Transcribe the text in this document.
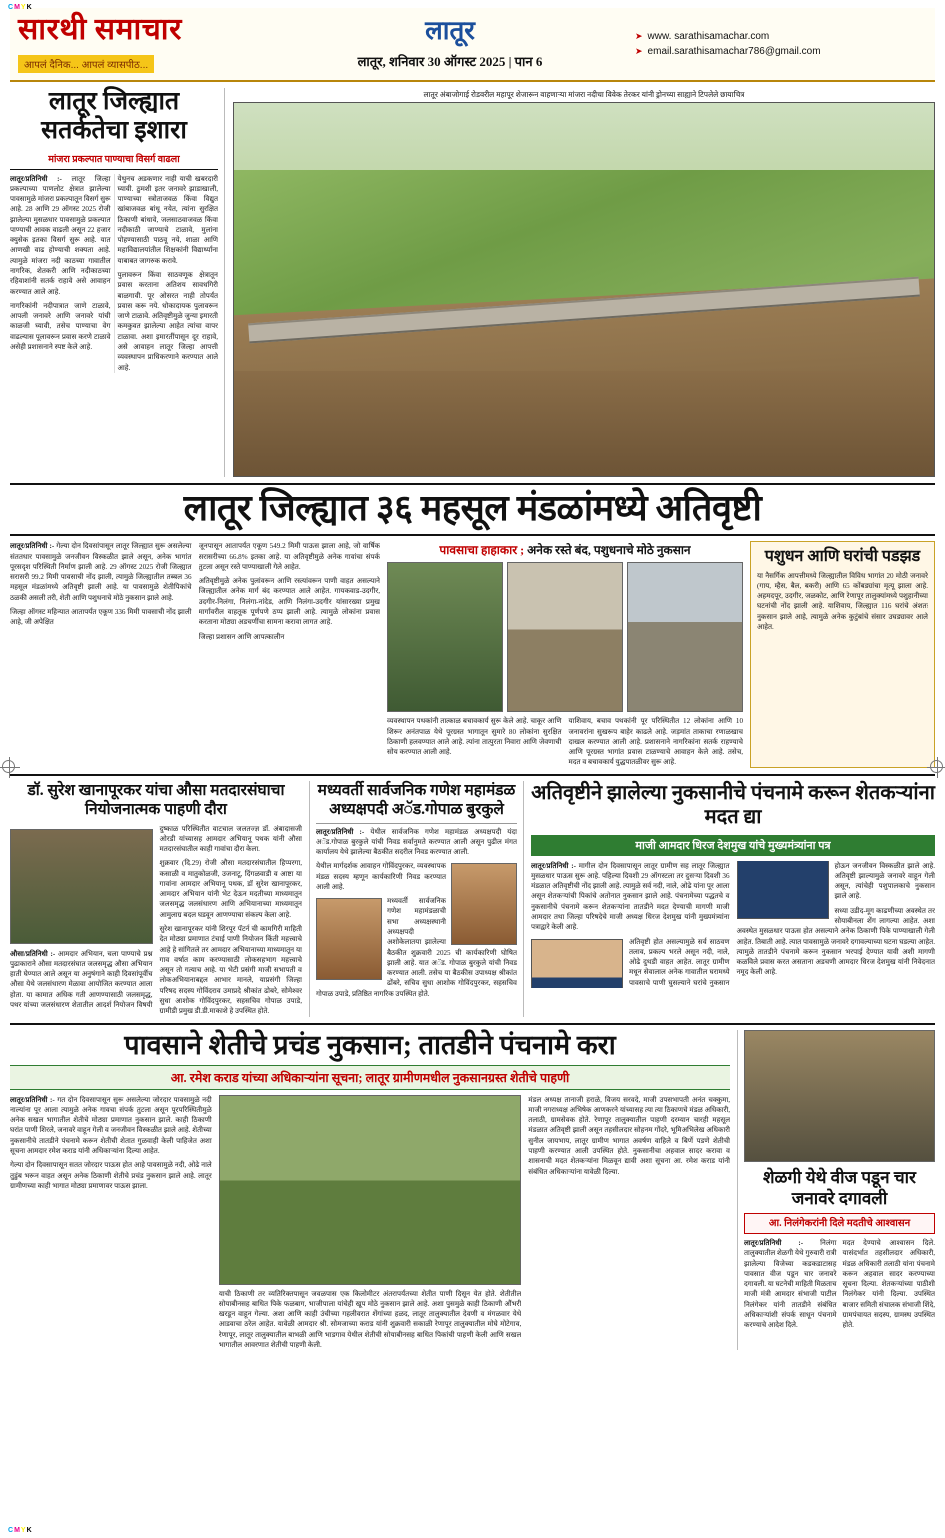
CMYK
CMYK
सारथी समाचार
आपलं दैनिक... आपलं व्यासपीठ...
लातूर
लातूर, शनिवार 30 ऑगस्ट 2025 | पान 6
➤ www. sarathisamachar.com
➤ email.sarathisamachar786@gmail.com
लातूर जिल्ह्यात सतर्कतेचा इशारा
मांजरा प्रकल्पात पाण्याचा विसर्ग वाढला

लातूर/प्रतिनिधी :- लातूर जिल्हा प्रकल्पाच्या पाणलोट क्षेत्रात झालेल्या पावसामुळे मांजरा प्रकल्पातून विसर्ग सुरू आहे. 28 आणि 29 ऑगस्ट 2025 रोजी झालेल्या मुसळधार पावसामुळे प्रकल्पात पाण्याची आवक वाढली असून 22 हजार क्युसेक इतका विसर्ग सुरू आहे. यात आणखी वाढ होण्याची शक्यता आहे. त्यामुळे मांजरा नदी काठच्या गावातील नागरिक, शेतकरी आणि नदीकाठच्या रहिवाशांनी सतर्क राहावे असे आवाहन करण्यात आले आहे.

नागरिकांनी नदीपात्रात जाणे टाळावे, आपली जनावरे आणि जनावरे यांची काळजी घ्यावी, तसेच पाण्याचा वेग वाढल्यास पूलावरून प्रवास करणे टाळावे असेही प्रशासनाने स्पष्ट केले आहे.

येथुनच अडकणार नाही याची खबरदारी घ्यावी. ठुमशी इतर जनावरे झाडाखाली, पाण्याच्या स्त्रोताजवळ किंवा विद्युत खांबाजवळ बांधू नयेत, त्यांना सुरक्षित ठिकाणी बांधावे, जलसाठवाजवळ किंवा नदीकाठी जाण्याचे टाळावे, मुलांना पोहण्यासाठी पाठवू नये, शाळा आणि महाविद्यालयांतील शिक्षकांनी विद्यार्थ्यांना याबाबत जागरुक करावे.

पुलावरून किंवा साठवणूक क्षेत्रातून प्रवास करताना अतिशय सावधगिरी बाळगावी. पूर ओसरत नाही तोपर्यंत प्रवास करू नये. धोकादायक पुलावरून जाणे टाळावे. अतिवृष्टीमुळे जुन्या इमारती कमकुवत झालेल्या आहेत त्यांचा वापर टाळावा. अशा इमारतींपासून दूर राहावे, असे आवाहन लातूर जिल्हा आपत्ती व्यवस्थापन प्राधिकरणाने करण्यात आले आहे.

लातूर अंबाजोगाई रोडवरील महापूर शेजारून वाहणाऱ्या मांजरा नदीचा विवेक तेरकर यांनी ड्रोनच्या साह्याने टिपलेले छायाचित्र
लातूर जिल्ह्यात ३६ महसूल मंडळांमध्ये अतिवृष्टी

लातूर/प्रतिनिधी :- गेल्या दोन दिवसांपासून लातूर जिल्ह्यात सुरू असलेल्या संततधार पावसामुळे जनजीवन विस्कळीत झाले असून, अनेक भागांत पूरसदृश परिस्थिती निर्माण झाली आहे. 29 ऑगस्ट 2025 रोजी जिल्ह्यात सरासरी 99.2 मिमी पावसाची नोंद झाली, त्यामुळे जिल्ह्यातील तब्बल 36 महसूल मंडळांमध्ये अतिवृष्टी झाली आहे. या पावसामुळे शेतीपिकांचे ठळकी असली तरी, शेती आणि पशुधनाचे मोठे नुकसान झाले आहे.

जिल्हा ऑगस्ट महिन्यात आतापर्यंत एकूण 336 मिमी पावसाची नोंद झाली आहे, जी अपेक्षित

जूनपासून आतापर्यंत एकूण 549.2 मिमी पाऊस झाला आहे, जो वार्षिक सरासरीच्या 66.8% इतका आहे. या अतिवृष्टीमुळे अनेक गावांचा संपर्क तुटला असून रस्ते पाण्याखाली गेले आहेत.

अतिवृष्टीमुळे अनेक पुलांवरून आणि रस्त्यांवरून पाणी वाहत असल्याने जिल्ह्यातील अनेक मार्ग बंद करण्यात आले आहेत. गायकवाड-उदगीर, उदगीर-निलंगा, निलंगा-नांदेड, आणि निलंगा-उदगीर यांसारख्या प्रमुख मार्गांवरील वाहतूक पूर्णपणे ठप्प झाली आहे. त्यामुळे लोकांना प्रवास करताना मोठ्या अडचणींचा सामना करावा लागत आहे.

जिल्हा प्रशासन आणि आपत्कालीन

पावसाचा हाहाकार ; अनेक रस्ते बंद, पशुधनाचे मोठे नुकसान

व्यवस्थापन पथकांनी तात्काळ बचावकार्य सुरू केले आहे. चाकूर आणि शिरूर अनंतपाळ येथे पूरग्रस्त भागातून सुमारे 80 लोकांना सुरक्षित ठिकाणी हलवण्यात आले आहे. त्यांना तात्पुरता निवारा आणि जेवणाची सोय करण्यात आली आहे.

याशिवाय, बचाव पथकांनी पूर परिस्थितीत 12 लोकांना आणि 10 जनावरांना सुखरूप बाहेर काढले आहे. जड़मांत ताकाचा रणाळखाच दाखल करण्यात आली आहे. प्रशासनाने नागरिकांना सतर्क राहण्याचे आणि पूरग्रस्त भागांत प्रवास टाळण्याचे आवाहन केले आहे. तसेच, मदत व बचावकार्य युद्धपातळीवर सुरू आहे.

पशुधन आणि घरांची पडझड
या नैसर्गिक आपत्तीमध्ये जिल्ह्यातील विविध भागांत 20 मोठी जनावरे (गाय, म्हैस, बैल, बकरी) आणि 65 कोंबड्यांचा मृत्यू झाला आहे. अहमदपूर, उदगीर, जळकोट, आणि रेणापूर तालुक्यांमध्ये पशुहानीच्या घटनांची नोंद झाली आहे. याशिवाय, जिल्ह्यात 116 घरांचे अंशतः नुकसान झाले आहे, त्यामुळे अनेक कुटुंबांचे संसार उघड्यावर आले आहेत.
डॉ. सुरेश खानापूरकर यांचा औसा मतदारसंघाचा नियोजनात्मक पाहणी दौरा

औसा/प्रतिनिधी :- आमदार अभियान, चला पाण्याचे प्रश्न पुढाकाराने औसा मतदारसंघात जलसमृद्ध औसा अभियान हाती घेण्यात आले असून या अनुषंगाने काही दिवसांपूर्वीच औसा येथे जलसंधारण मेळावा आयोजित करण्यात आला होता. या कामात अधिक गती आणण्यासाठी जलसमृद्ध, पथर यांच्या जलसंधारण शेतातील आदर्श नियोजन विषयी दुष्काळ परिस्थितीत वाटचाल जलतज्ज्ञ डॉ. अंबादासजी ओरडी यांच्यासह आमदार अभियानू पथक यांनी औसा मतदारसंघातील काही गावांचा दौरा केला.

शुक्रवार (दि.29) रोजी औसा मतदारसंघातील हिप्परगा, कसाळी व मातुकोळजी, उजनाटू, दिंगळवाडी व आष्टा या गावांना आमदार अभियानू पथक, डॉ सुरेश खानापूरकर, आमदार अभियान यांनी भेट देऊन मदतीच्या माध्यमातून जलसमृद्ध जलसंधारण आणि अभियानाच्या माध्यमातून आमुलाग्र बदल घडवून आणण्याचा संकल्प केला आहे.

सुरेश खानापूरकर यांनी शिरपूर पॅटर्न ची कामगिरी माहिती देत मोठ्या प्रमाणात टंचाई पाणी नियोजन किंती महत्त्वाचे आहे हे सांगितले तर आमदार अभियानाच्या माध्यमातून या गाव वर्षात काम करण्यासाठी लोकसहभाग महत्त्वाचे असून तो गत्याच आहे. या भेटी प्रसंगी माजी सभापती व लोकअभियानाबद्दल आभार मानले, याप्रसंगी जिल्हा परिषद सदस्य गोविंदराव उमाप्रदे श्रीकांत ढोबरे, सोमेश्वर सुधा आशोक गोविंदपुरकर, सहसचिव गोपाळ उपाडे, ग्रामीडी प्रमुख डी.डी.माकाशे हे उपस्थित होते.

मध्यवर्ती सार्वजनिक गणेश महामंडळ अध्यक्षपदी अॅड.गोपाळ बुरकुले

लातूर/प्रतिनिधी :- येथील सार्वजनिक गणेश महामंडळ अध्यक्षपदी यंदा अॅड.गोपाळ बुरकुले यांची निवड सर्वानुमते करण्यात आली असून पुढील मंगत कार्यालय येथे झालेल्या बैठकीत सदरील निवड करण्यात आली.

येथील मार्गदर्शक आवाहन गोविंदपुरकर, व्यवस्थापक मंडळ सदस्य म्हणून कार्यकारिणी निवड करण्यात आली आहे.

मध्यवर्ती सार्वजनिक गणेश महामंडळाची सभा अध्यक्षस्थानी अध्यक्षपदी अशोकेलातया झालेल्या बैठकीत शुक्रवारी 2025 ची कार्यकारिणी घोषित झाली आहे. यात अॅड. गोपाळ बुरकुले यांची निवड करण्यात आली. तसेच या बैठकीस उपाध्यक्ष श्रीकांत ढोंबरे, सचिव सुधा आशोक गोविंदपुरकर, सहसचिव गोपाळ उपाडे, प्रतिष्ठित नागरिक उपस्थित होते.

अतिवृष्टीने झालेल्या नुकसानीचे पंचनामे करून शेतकऱ्यांना मदत द्या
माजी आमदार धिरज देशमुख यांचे मुख्यमंत्र्यांना पत्र

लातूर/प्रतिनिधी :- मागील दोन दिवसापासून लातूर ग्रामीण सह लातूर जिल्ह्यात मुसळधार पाऊस सुरू आहे. पहिल्या दिवशी 29 ऑगस्टला तर दुसऱ्या दिवशी 36 मंडळात अतिवृष्टीची नोंद झाली आहे. त्यामुळे सर्व नदी, नाले, ओढे यांना पूर आला असून शेतकऱ्यांची पिकांचे अतोनात नुकसान झाले आहे. पंचनामेच्या पद्धतचे व नुकसानीचे पंचनामे करून शेतकऱ्यांना तातडीने मदत देण्याची मागणी माजी आमदार तथा जिल्हा परिषदेचे माजी अध्यक्ष धिरज देशमुख यांनी मुख्यमंत्र्यांना पत्राद्वारे केली आहे.

अतिवृष्टी होत असल्यामुळे सर्व साठवण तलाव, प्रकल्प भरले असून नदी, नाले, ओढे दुथडी वाहत आहेत. लातूर ग्रामीण मधून सेवालाल अनेक गावातील घरामध्ये पावसाचे पाणी घुसल्याने घरांचे नुकसान होऊन जनजीवन विस्कळीत झाले आहे. अतिवृष्टी झाल्यामुळे जनावरे वाहून गेली असून, त्यांचेही पशुपालकाचे नुकसान झाले आहे.

सध्या उडीद-मूग काढणीच्या अवस्थेत तर सोयाबीनला शेंग लागल्या आहेत. अशा अवस्थेत मुसळधार पाऊस होत असल्याने अनेक ठिकाणी पिके पाण्याखाली गेली आहेत. तिबाती आहे. त्यात पावसामुळे जनावरे दगावल्याच्या घटना घडल्या आहेत. त्यामुळे तातडीने पंचनामे करून नुकसान भरपाई देण्यात यावी अशी मागणी कळविले प्रवास करत असताना अडचणी आमदार धिरज देशमुख यांनी निवेदनात नमूद केली आहे.

पावसाने शेतीचे प्रचंड नुकसान; तातडीने पंचनामे करा
आ. रमेश कराड यांच्या अधिकाऱ्यांना सूचना; लातूर ग्रामीणमधील नुकसानग्रस्त शेतीचे पाहणी

लातूर/प्रतिनिधी :- गत दोन दिवसापासून सुरू असलेल्या जोरदार पावसामुळे नदी नाल्यांना पूर आला त्यामुळे अनेक गावचा संपर्क तुटला असून पूरपरिस्थितीमुळे अनेक सखल भागातील शेतीचे मोठ्या प्रमाणात नुकसान झाले. काही ठिकाणी घरांत पाणी शिरले, जनावरे वाहून गेली व जनजीवन विस्कळीत झाले आहे. शेतीच्या नुकसानीचे तातडीने पंचनामे करून शेतीची शेतात गुळवाही केली पाहिजेत अशा सूचना आमदार रमेश कराड यांनी अधिकाऱ्यांना दिल्या आहेत.

गेल्या दोन दिवसापासून सतत जोरदार पाऊस होत आहे पावसामुळे नदी, ओढे नाले तुडुंब भरून वाहत असून अनेक ठिकाणी शेतीचे प्रचंड नुकसान झाले आहे. लातूर ग्रामीणच्या काही भागात मोठ्या प्रमाणावर पाऊस झाला.

याची ठिकाणी तर व्यतिरिक्तपासून जवळपास एक किलोमीटर अंतरापर्यंतच्या शेतीत पाणी दिसून येत होते. शेतीतील सोयाबीनसह बाधित पिके फळबाग, भाजीपाला यांचेही खूप मोठे नुकसान झाले आहे. अशा पुसमुळे काही ठिकाणी औंभरी खरडून वाहून गेल्या. अशा आणि काही उंचीच्या गहलीवरात शेंगांच्या हळद, लातूर तालुक्यातील देवणी व मंगळवार येथे आडवाचा ठरेल आहेत. यावेळी आमदार श्री. सोमजाच्या कराड यांनी शुक्रवारी सकाळी रेणापूर तालुक्यातील मोघे मोटेगाव, रेणापूर, लातूर तालुक्यातील बाभळी आणि भाडगाव येथील शेतीची सोयाबीनसह बाधित पिकांची पाहणी केली आणि सखल भागातील आवरणात शेतीची पाहणी केली.
मंडल अध्यक्ष तानाजी हराळे, विजय सरवदे, माजी उपसभापती अनंत चक्कुमा, माजी नगराध्यक्ष अभिषेक आणकरने यांच्यासह त्या त्या ठिकाणचे मंडळ अधिकारी, तलाठी, ग्रामसेवक होते. रेणापूर तालुक्यातील पाहणी दरम्यान चारही महसूल मंडळात अतिवृष्टी झाली असून तहसीलदार सोहनम गोंदरे, भूमिअभिलेख अधिकारी सुनील जायभाय, लातूर ग्रामीण भागात अवर्षण वाहिले व बिर्णे पडणे शेतीची पाहणी करण्यात आली उपस्थित होते. नुकसानीचा अहवाल सादर करावा व शासनाची मदत शेतकऱ्यांना मिळवून द्यावी अशा सूचना आ. रमेश कराड यांनी संबंधित अधिकाऱ्यांना यावेळी दिल्या.	शेळगी येथे वीज पडून चार जनावरे दगावली
आ. निलंगेकरांनी दिले मदतीचे आश्वासन

लातूर/प्रतिनिधी :- निलंगा तालुक्यातील शेळगी येथे गुरुवारी रात्री झालेल्या विजेच्या कडकडाटासह पावसात वीज पडून चार जनावरे दगावली. या घटनेची माहिती मिळताच माजी मंत्री आमदार संभाजी पाटील निलंगेकर यांनी तातडीने संबंधित अधिकाऱ्यांशी संपर्क साधून पंचनामे करण्याचे आदेश दिले.

मदत देण्याचे आश्वासन दिले. यासंदर्भात तहसीलदार अधिकारी, मंडळ अधिकारी तलाठी यांना पंचनामे करून अहवाल सादर करण्याच्या सूचना दिल्या. शेतकऱ्यांच्या पाठीशी निलंगेकर यांनी दिल्या. उपस्थित बाजार समिती संचालक संभाजी शिंदे, ग्रामपंचायत सदस्य, ग्रामस्थ उपस्थित होते.
